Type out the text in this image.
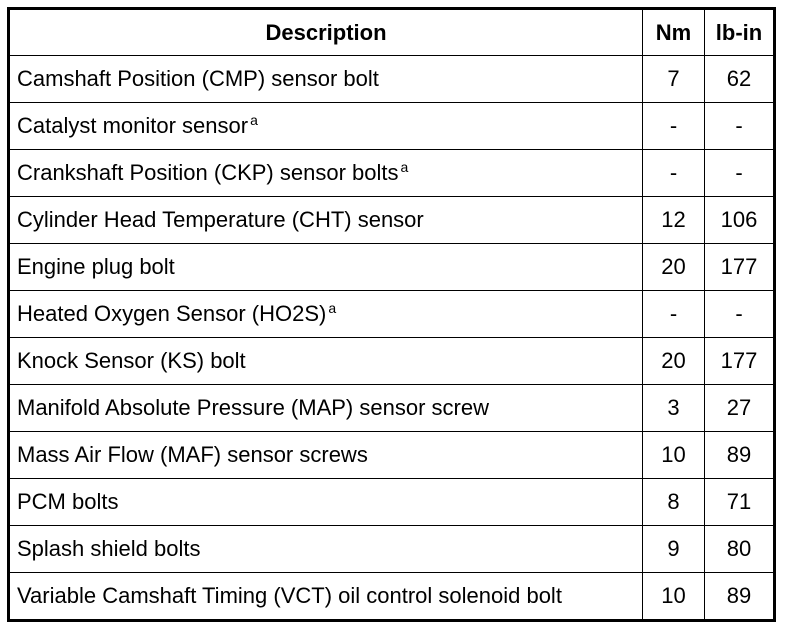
Description	Nm	lb-in
Camshaft Position (CMP) sensor bolt	7	62
Catalyst monitor sensor $^a$	-	-
Crankshaft Position (CKP) sensor bolts $^a$	-	-
Cylinder Head Temperature (CHT) sensor	12	106
Engine plug bolt	20	177
Heated Oxygen Sensor (HO2S) $^a$	-	-
Knock Sensor (KS) bolt	20	177
Manifold Absolute Pressure (MAP) sensor screw	3	27
Mass Air Flow (MAF) sensor screws	10	89
PCM bolts	8	71
Splash shield bolts	9	80
Variable Camshaft Timing (VCT) oil control solenoid bolt	10	89
